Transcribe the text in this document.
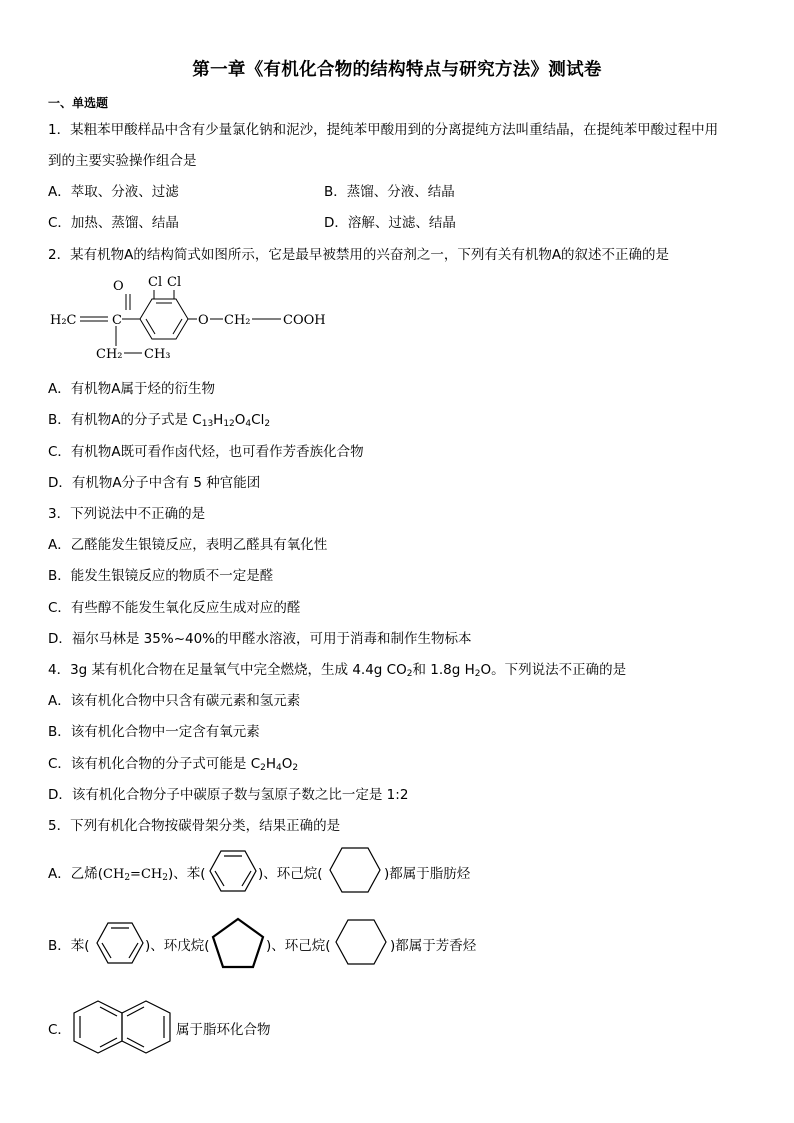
第一章《有机化合物的结构特点与研究方法》测试卷
一、单选题
1．某粗苯甲酸样品中含有少量氯化钠和泥沙，提纯苯甲酸用到的分离提纯方法叫重结晶，在提纯苯甲酸过程中用
到的主要实验操作组合是
A．萃取、分液、过滤	B．蒸馏、分液、结晶
C．加热、蒸馏、结晶	D．溶解、过滤、结晶
2．某有机物A的结构简式如图所示，它是最早被禁用的兴奋剂之一，下列有关有机物A的叙述不正确的是
H₂C	C
O Cl Cl
O CH₂	COOH
CH₂ CH₃
A．有机物A属于烃的衍生物
B．有机物A的分子式是 $C_{13}H_{12}O_4Cl_2$
C．有机物A既可看作卤代烃，也可看作芳香族化合物
D．有机物A分子中含有 5 种官能团
3．下列说法中不正确的是
A．乙醛能发生银镜反应，表明乙醛具有氧化性
B．能发生银镜反应的物质不一定是醛
C．有些醇不能发生氧化反应生成对应的醛
D．福尔马林是 35%~40%的甲醛水溶液，可用于消毒和制作生物标本
4．3g 某有机化合物在足量氧气中完全燃烧，生成 4.4g $CO_2$和 1.8g $H_2O$。下列说法不正确的是
A．该有机化合物中只含有碳元素和氢元素
B．该有机化合物中一定含有氧元素
C．该有机化合物的分子式可能是 $C_2H_4O_2$
D．该有机化合物分子中碳原子数与氢原子数之比一定是 1:2
5．下列有机化合物按碳骨架分类，结果正确的是
A．乙烯$(CH_2=CH_2)$、苯(	)、环己烷(	)都属于脂肪烃
B．苯(	)、环戊烷(	)、环己烷(	)都属于芳香烃
C．	属于脂环化合物
